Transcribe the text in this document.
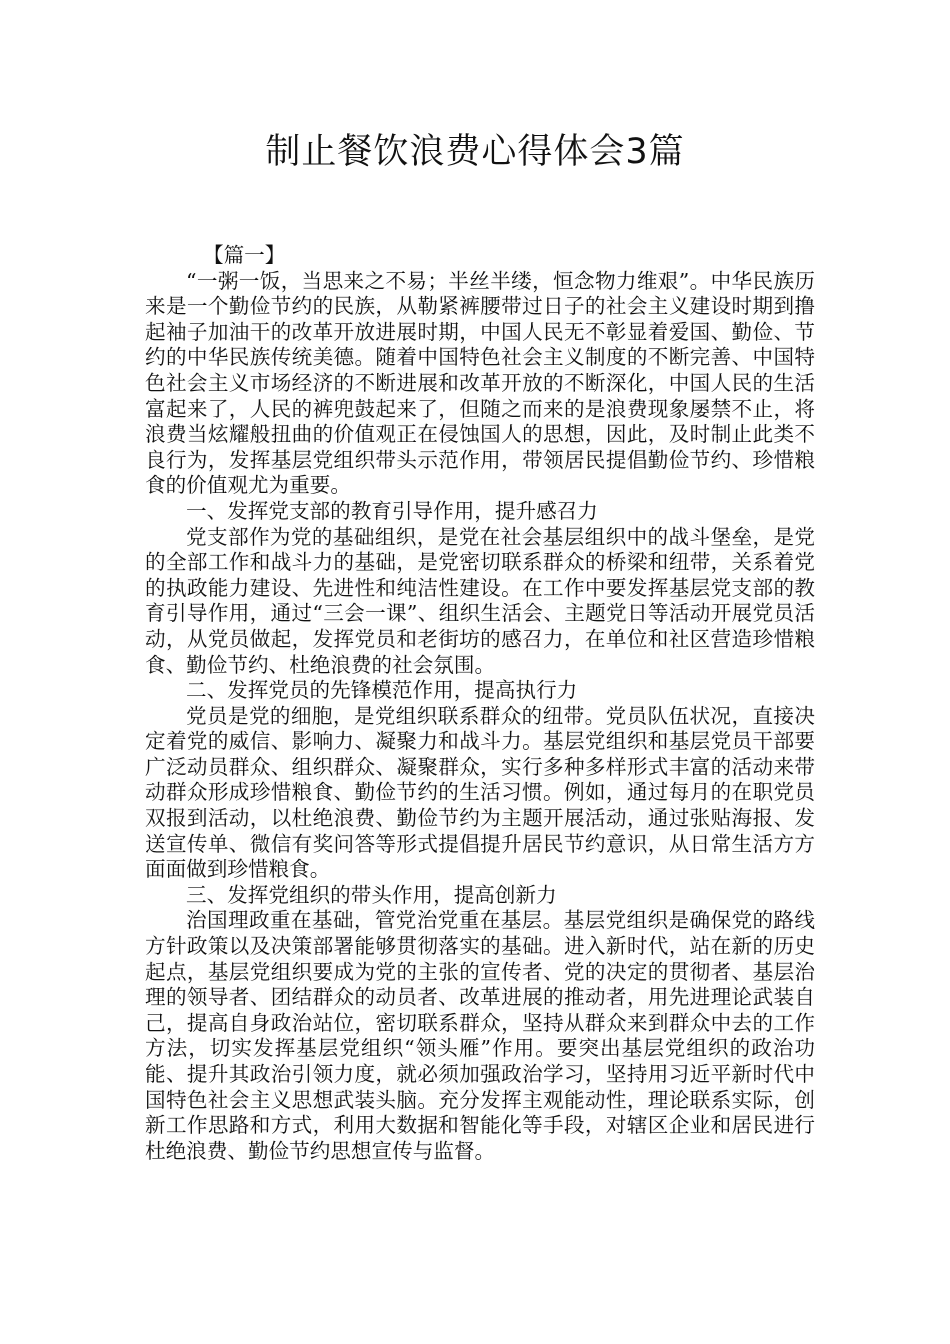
制止餐饮浪费心得体会3篇

【篇一】

“一粥一饭，当思来之不易；半丝半缕，恒念物力维艰”。中华民族历来是一个勤俭节约的民族，从勒紧裤腰带过日子的社会主义建设时期到撸起袖子加油干的改革开放进展时期，中国人民无不彰显着爱国、勤俭、节约的中华民族传统美德。随着中国特色社会主义制度的不断完善、中国特色社会主义市场经济的不断进展和改革开放的不断深化，中国人民的生活富起来了，人民的裤兜鼓起来了，但随之而来的是浪费现象屡禁不止，将浪费当炫耀般扭曲的价值观正在侵蚀国人的思想，因此，及时制止此类不良行为，发挥基层党组织带头示范作用，带领居民提倡勤俭节约、珍惜粮食的价值观尤为重要。

一、发挥党支部的教育引导作用，提升感召力

党支部作为党的基础组织，是党在社会基层组织中的战斗堡垒，是党的全部工作和战斗力的基础，是党密切联系群众的桥梁和纽带，关系着党的执政能力建设、先进性和纯洁性建设。在工作中要发挥基层党支部的教育引导作用，通过“三会一课”、组织生活会、主题党日等活动开展党员活动，从党员做起，发挥党员和老街坊的感召力，在单位和社区营造珍惜粮食、勤俭节约、杜绝浪费的社会氛围。

二、发挥党员的先锋模范作用，提高执行力

党员是党的细胞，是党组织联系群众的纽带。党员队伍状况，直接决定着党的威信、影响力、凝聚力和战斗力。基层党组织和基层党员干部要广泛动员群众、组织群众、凝聚群众，实行多种多样形式丰富的活动来带动群众形成珍惜粮食、勤俭节约的生活习惯。例如，通过每月的在职党员双报到活动，以杜绝浪费、勤俭节约为主题开展活动，通过张贴海报、发送宣传单、微信有奖问答等形式提倡提升居民节约意识，从日常生活方方面面做到珍惜粮食。

三、发挥党组织的带头作用，提高创新力

治国理政重在基础，管党治党重在基层。基层党组织是确保党的路线方针政策以及决策部署能够贯彻落实的基础。进入新时代，站在新的历史起点，基层党组织要成为党的主张的宣传者、党的决定的贯彻者、基层治理的领导者、团结群众的动员者、改革进展的推动者，用先进理论武装自己，提高自身政治站位，密切联系群众，坚持从群众来到群众中去的工作方法，切实发挥基层党组织“领头雁”作用。要突出基层党组织的政治功能、提升其政治引领力度，就必须加强政治学习，坚持用习近平新时代中国特色社会主义思想武装头脑。充分发挥主观能动性，理论联系实际，创新工作思路和方式，利用大数据和智能化等手段，对辖区企业和居民进行杜绝浪费、勤俭节约思想宣传与监督。
